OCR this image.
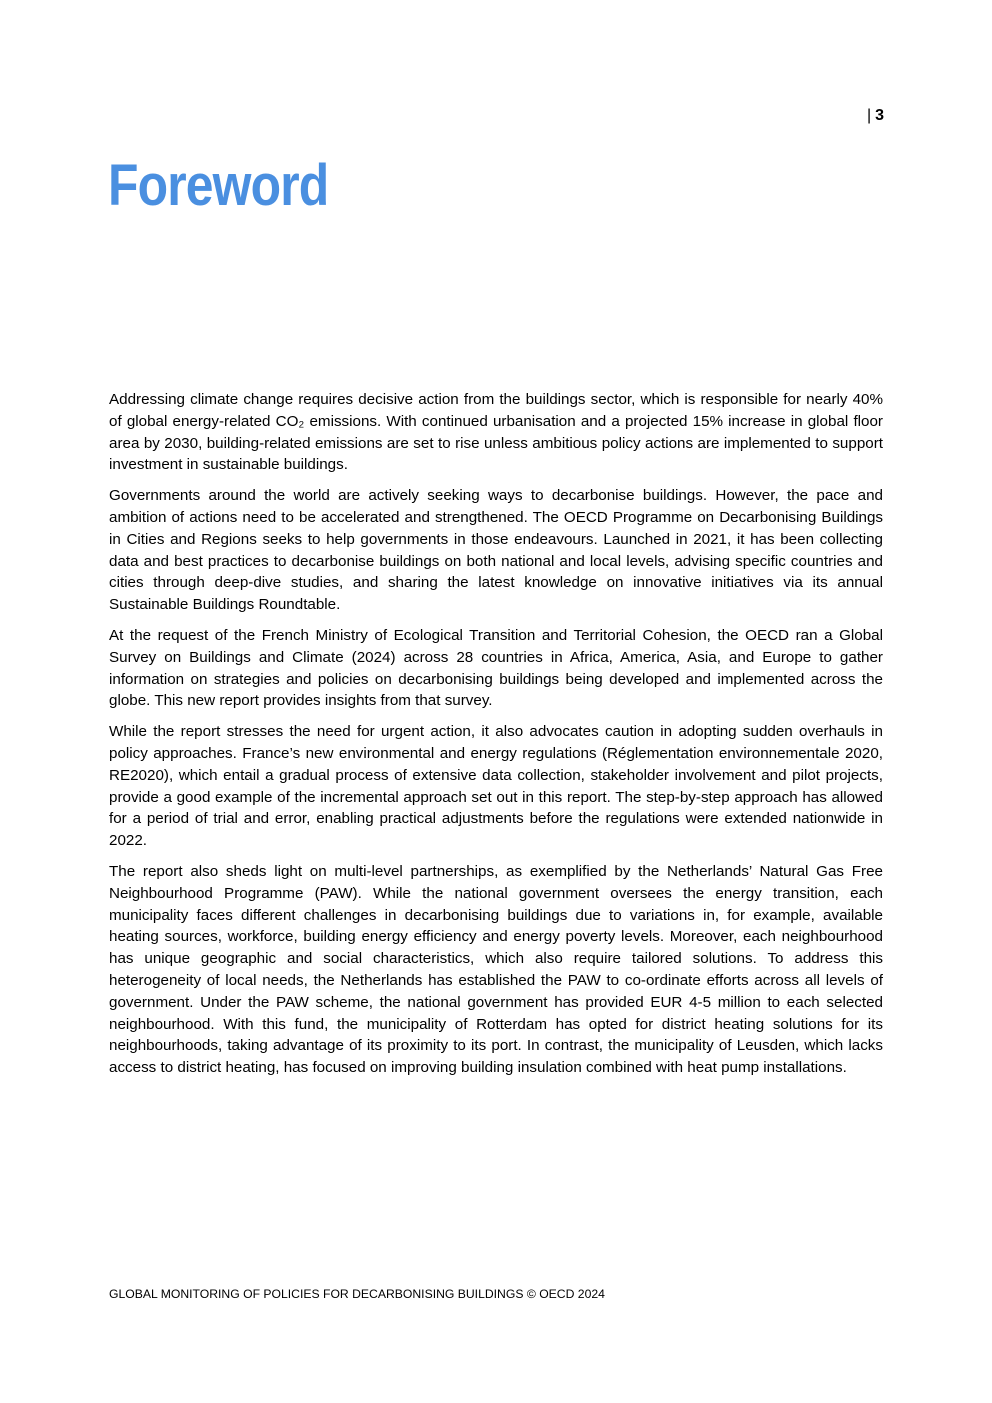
| 3
Foreword

Addressing climate change requires decisive action from the buildings sector, which is responsible for nearly 40% of global energy-related CO₂ emissions. With continued urbanisation and a projected 15% increase in global floor area by 2030, building-related emissions are set to rise unless ambitious policy actions are implemented to support investment in sustainable buildings.

Governments around the world are actively seeking ways to decarbonise buildings. However, the pace and ambition of actions need to be accelerated and strengthened. The OECD Programme on Decarbonising Buildings in Cities and Regions seeks to help governments in those endeavours. Launched in 2021, it has been collecting data and best practices to decarbonise buildings on both national and local levels, advising specific countries and cities through deep-dive studies, and sharing the latest knowledge on innovative initiatives via its annual Sustainable Buildings Roundtable.

At the request of the French Ministry of Ecological Transition and Territorial Cohesion, the OECD ran a Global Survey on Buildings and Climate (2024) across 28 countries in Africa, America, Asia, and Europe to gather information on strategies and policies on decarbonising buildings being developed and implemented across the globe. This new report provides insights from that survey.

While the report stresses the need for urgent action, it also advocates caution in adopting sudden overhauls in policy approaches. France’s new environmental and energy regulations (Réglementation environnementale 2020, RE2020), which entail a gradual process of extensive data collection, stakeholder involvement and pilot projects, provide a good example of the incremental approach set out in this report. The step-by-step approach has allowed for a period of trial and error, enabling practical adjustments before the regulations were extended nationwide in 2022.

The report also sheds light on multi-level partnerships, as exemplified by the Netherlands’ Natural Gas Free Neighbourhood Programme (PAW). While the national government oversees the energy transition, each municipality faces different challenges in decarbonising buildings due to variations in, for example, available heating sources, workforce, building energy efficiency and energy poverty levels. Moreover, each neighbourhood has unique geographic and social characteristics, which also require tailored solutions. To address this heterogeneity of local needs, the Netherlands has established the PAW to co-ordinate efforts across all levels of government. Under the PAW scheme, the national government has provided EUR 4-5 million to each selected neighbourhood. With this fund, the municipality of Rotterdam has opted for district heating solutions for its neighbourhoods, taking advantage of its proximity to its port. In contrast, the municipality of Leusden, which lacks access to district heating, has focused on improving building insulation combined with heat pump installations.

GLOBAL MONITORING OF POLICIES FOR DECARBONISING BUILDINGS © OECD 2024
